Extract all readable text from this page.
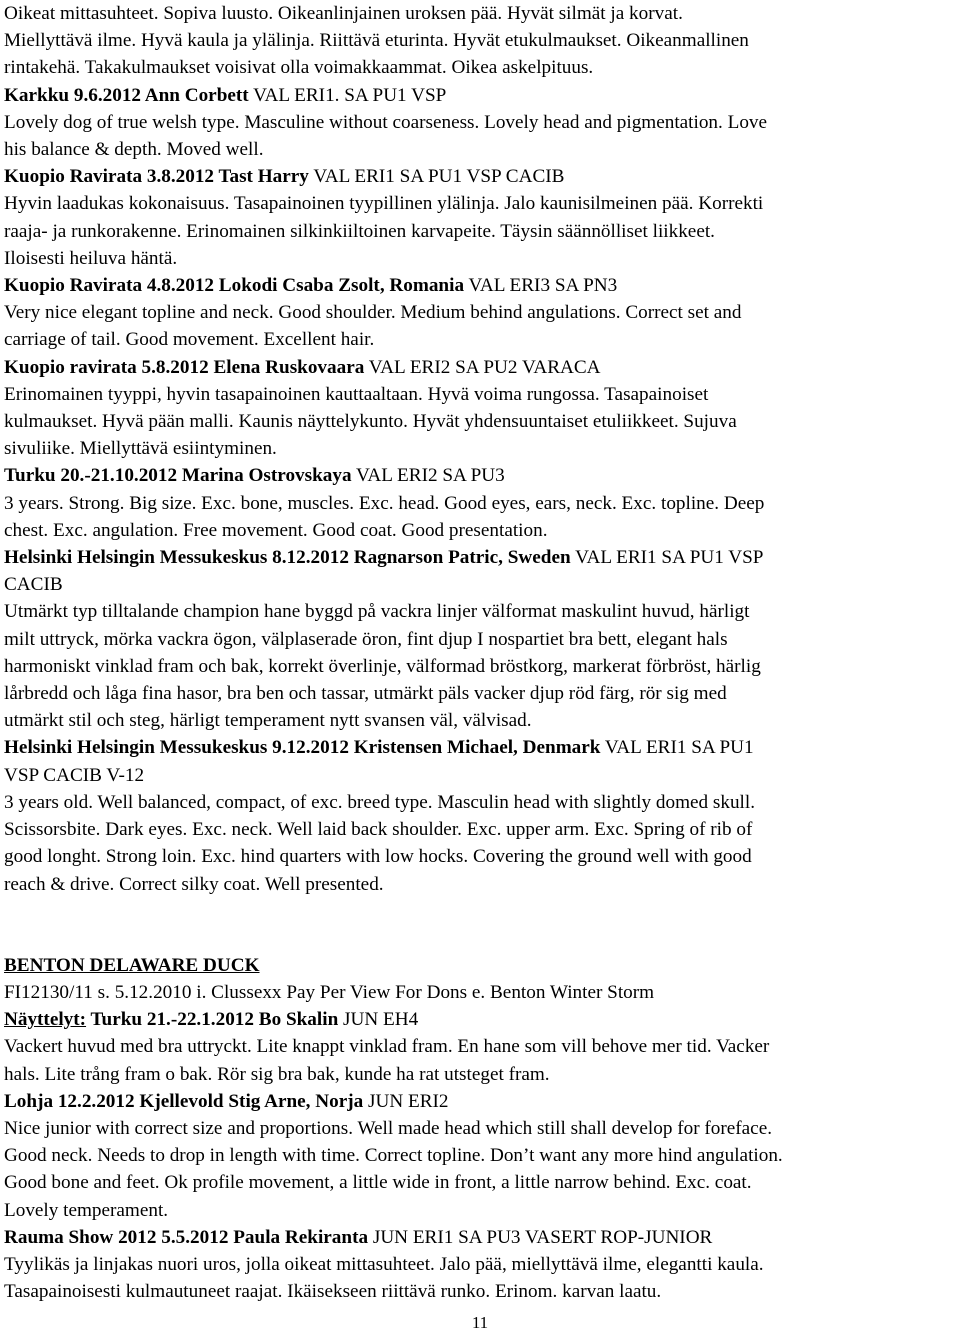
Oikeat mittasuhteet. Sopiva luusto. Oikeanlinjainen uroksen pää. Hyvät silmät ja korvat.

Miellyttävä ilme. Hyvä kaula ja ylälinja. Riittävä eturinta. Hyvät etukulmaukset. Oikeanmallinen

rintakehä. Takakulmaukset voisivat olla voimakkaammat. Oikea askelpituus.

Karkku 9.6.2012 Ann Corbett VAL ERI1. SA PU1 VSP

Lovely dog of true welsh type. Masculine without coarseness. Lovely head and pigmentation. Love

his balance & depth. Moved well.

Kuopio Ravirata 3.8.2012 Tast Harry VAL ERI1 SA PU1 VSP CACIB

Hyvin laadukas kokonaisuus. Tasapainoinen tyypillinen ylälinja. Jalo kaunisilmeinen pää. Korrekti

raaja- ja runkorakenne. Erinomainen silkinkiiltoinen karvapeite. Täysin säännölliset liikkeet.

Iloisesti heiluva häntä.

Kuopio Ravirata 4.8.2012 Lokodi Csaba Zsolt, Romania VAL ERI3 SA PN3

Very nice elegant topline and neck. Good shoulder. Medium behind angulations. Correct set and

carriage of tail. Good movement. Excellent hair.

Kuopio ravirata 5.8.2012 Elena Ruskovaara VAL ERI2 SA PU2 VARACA

Erinomainen tyyppi, hyvin tasapainoinen kauttaaltaan. Hyvä voima rungossa. Tasapainoiset

kulmaukset. Hyvä pään malli. Kaunis näyttelykunto. Hyvät yhdensuuntaiset etuliikkeet. Sujuva

sivuliike. Miellyttävä esiintyminen.

Turku 20.-21.10.2012 Marina Ostrovskaya VAL ERI2 SA PU3

3 years. Strong. Big size. Exc. bone, muscles. Exc. head. Good eyes, ears, neck. Exc. topline. Deep

chest. Exc. angulation. Free movement. Good coat. Good presentation.

Helsinki Helsingin Messukeskus 8.12.2012 Ragnarson Patric, Sweden VAL ERI1 SA PU1 VSP

CACIB

Utmärkt typ tilltalande champion hane byggd på vackra linjer välformat maskulint huvud, härligt

milt uttryck, mörka vackra ögon, välplaserade öron, fint djup I nospartiet bra bett, elegant hals

harmoniskt vinklad fram och bak, korrekt överlinje, välformad bröstkorg, markerat förbröst, härlig

lårbredd och låga fina hasor, bra ben och tassar, utmärkt päls vacker djup röd färg, rör sig med

utmärkt stil och steg, härligt temperament nytt svansen väl, välvisad.

Helsinki Helsingin Messukeskus 9.12.2012 Kristensen Michael, Denmark VAL ERI1 SA PU1

VSP CACIB V-12

3 years old. Well balanced, compact, of exc. breed type. Masculin head with slightly domed skull.

Scissorsbite. Dark eyes. Exc. neck. Well laid back shoulder. Exc. upper arm. Exc. Spring of rib of

good longht. Strong loin. Exc. hind quarters with low hocks. Covering the ground well with good

reach & drive. Correct silky coat. Well presented.

BENTON DELAWARE DUCK

FI12130/11 s. 5.12.2010 i. Clussexx Pay Per View For Dons e. Benton Winter Storm

Näyttelyt: Turku 21.-22.1.2012 Bo Skalin JUN EH4

Vackert huvud med bra uttryckt. Lite knappt vinklad fram. En hane som vill behove mer tid. Vacker

hals. Lite trång fram o bak. Rör sig bra bak, kunde ha rat utsteget fram.

Lohja 12.2.2012 Kjellevold Stig Arne, Norja JUN ERI2

Nice junior with correct size and proportions. Well made head which still shall develop for foreface.

Good neck. Needs to drop in length with time. Correct topline. Don’t want any more hind angulation.

Good bone and feet. Ok profile movement, a little wide in front, a little narrow behind. Exc. coat.

Lovely temperament.

Rauma Show 2012 5.5.2012 Paula Rekiranta JUN ERI1 SA PU3 VASERT ROP-JUNIOR

Tyylikäs ja linjakas nuori uros, jolla oikeat mittasuhteet. Jalo pää, miellyttävä ilme, elegantti kaula.

Tasapainoisesti kulmautuneet raajat. Ikäisekseen riittävä runko. Erinom. karvan laatu.

11
